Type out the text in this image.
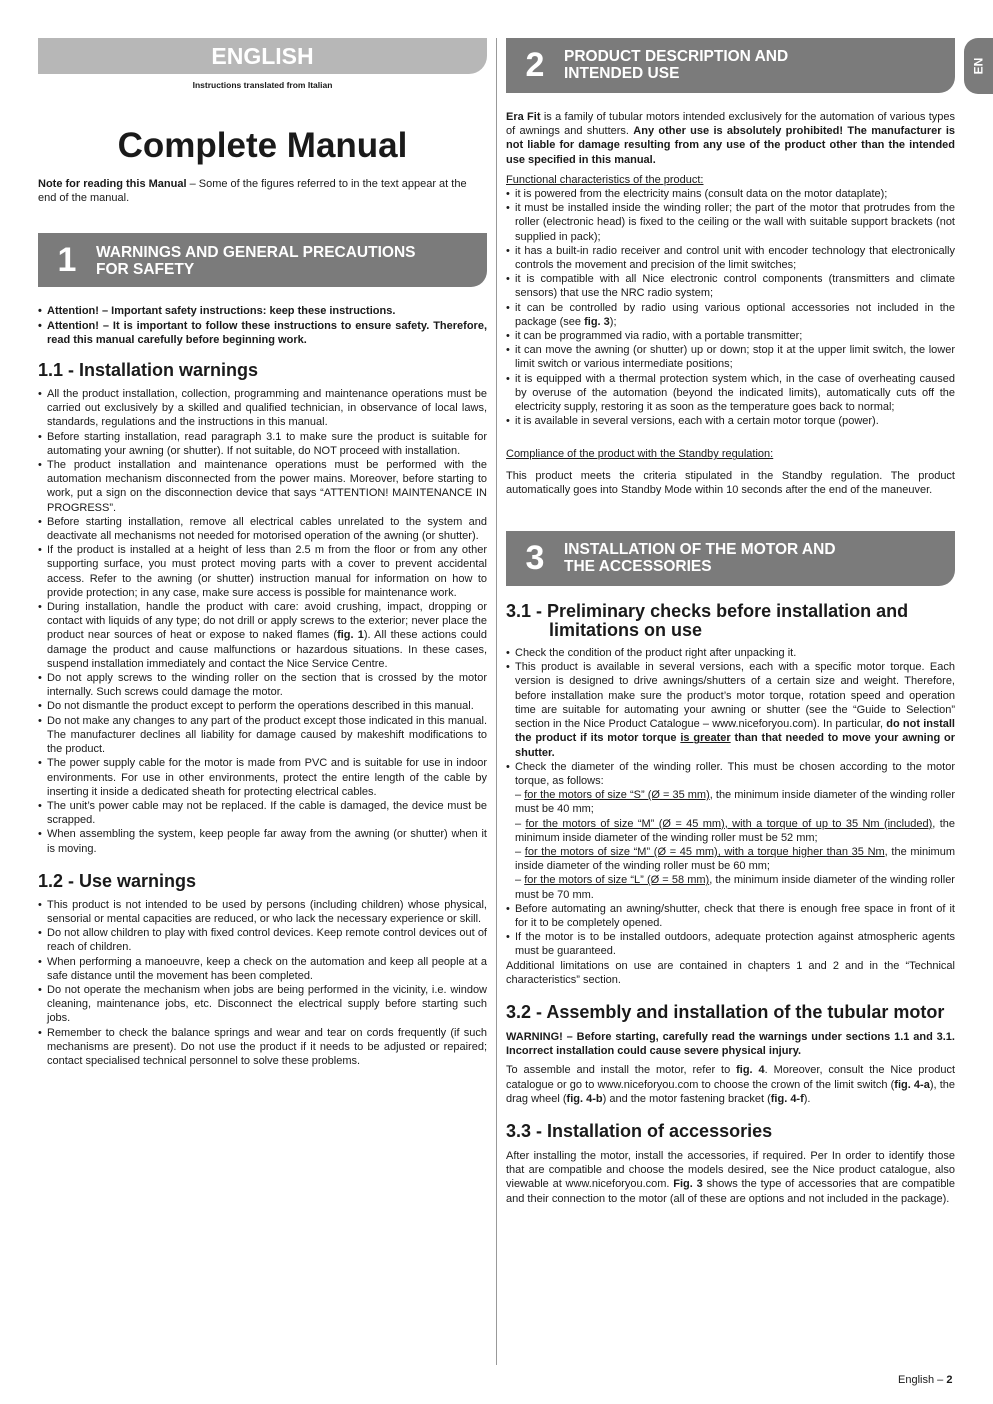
EN
ENGLISH
Instructions translated from Italian
Complete Manual

Note for reading this Manual – Some of the figures referred to in the text appear at the end of the manual.

1	WARNINGS AND GENERAL PRECAUTIONS
FOR SAFETY
• Attention! – Important safety instructions: keep these instructions.
• Attention! – It is important to follow these instructions to ensure safety. Therefore, read this manual carefully before beginning work.
1.1 - Installation warnings
• All the product installation, collection, programming and maintenance operations must be carried out exclusively by a skilled and qualified technician, in observance of local laws, standards, regulations and the instructions in this manual.
• Before starting installation, read paragraph 3.1 to make sure the product is suitable for automating your awning (or shutter). If not suitable, do NOT proceed with installation.
• The product installation and maintenance operations must be performed with the automation mechanism disconnected from the power mains. Moreover, before starting to work, put a sign on the disconnection device that says “ATTENTION! MAINTENANCE IN PROGRESS”.
• Before starting installation, remove all electrical cables unrelated to the system and deactivate all mechanisms not needed for motorised operation of the awning (or shutter).
• If the product is installed at a height of less than 2.5 m from the floor or from any other supporting surface, you must protect moving parts with a cover to prevent accidental access. Refer to the awning (or shutter) instruction manual for information on how to provide protection; in any case, make sure access is possible for maintenance work.
• During installation, handle the product with care: avoid crushing, impact, dropping or contact with liquids of any type; do not drill or apply screws to the exterior; never place the product near sources of heat or expose to naked flames (fig. 1). All these actions could damage the product and cause malfunctions or hazardous situations. In these cases, suspend installation immediately and contact the Nice Service Centre.
• Do not apply screws to the winding roller on the section that is crossed by the motor internally. Such screws could damage the motor.
• Do not dismantle the product except to perform the operations described in this manual.
• Do not make any changes to any part of the product except those indicated in this manual. The manufacturer declines all liability for damage caused by makeshift modifications to the product.
• The power supply cable for the motor is made from PVC and is suitable for use in indoor environments. For use in other environments, protect the entire length of the cable by inserting it inside a dedicated sheath for protecting electrical cables.
• The unit’s power cable may not be replaced. If the cable is damaged, the device must be scrapped.
• When assembling the system, keep people far away from the awning (or shutter) when it is moving.
1.2 - Use warnings
• This product is not intended to be used by persons (including children) whose physical, sensorial or mental capacities are reduced, or who lack the necessary experience or skill.
• Do not allow children to play with fixed control devices. Keep remote control devices out of reach of children.
• When performing a manoeuvre, keep a check on the automation and keep all people at a safe distance until the movement has been completed.
• Do not operate the mechanism when jobs are being performed in the vicinity, i.e. window cleaning, maintenance jobs, etc. Disconnect the electrical supply before starting such jobs.
• Remember to check the balance springs and wear and tear on cords frequently (if such mechanisms are present). Do not use the product if it needs to be adjusted or repaired; contact specialised technical personnel to solve these problems.
2	PRODUCT DESCRIPTION AND
INTENDED USE

Era Fit is a family of tubular motors intended exclusively for the automation of various types of awnings and shutters. Any other use is absolutely prohibited! The manufacturer is not liable for damage resulting from any use of the product other than the intended use specified in this manual.

Functional characteristics of the product:

• it is powered from the electricity mains (consult data on the motor dataplate);
• it must be installed inside the winding roller; the part of the motor that protrudes from the roller (electronic head) is fixed to the ceiling or the wall with suitable support brackets (not supplied in pack);
• it has a built-in radio receiver and control unit with encoder technology that electronically controls the movement and precision of the limit switches;
• it is compatible with all Nice electronic control components (transmitters and climate sensors) that use the NRC radio system;
• it can be controlled by radio using various optional accessories not included in the package (see fig. 3);
• it can be programmed via radio, with a portable transmitter;
• it can move the awning (or shutter) up or down; stop it at the upper limit switch, the lower limit switch or various intermediate positions;
• it is equipped with a thermal protection system which, in the case of overheating caused by overuse of the automation (beyond the indicated limits), automatically cuts off the electricity supply, restoring it as soon as the temperature goes back to normal;
• it is available in several versions, each with a certain motor torque (power).

Compliance of the product with the Standby regulation:

This product meets the criteria stipulated in the Standby regulation. The product automatically goes into Standby Mode within 10 seconds after the end of the maneuver.

3	INSTALLATION OF THE MOTOR AND
THE ACCESSORIES
3.1 - Preliminary checks before installation and
limitations on use
• Check the condition of the product right after unpacking it.
• This product is available in several versions, each with a specific motor torque. Each version is designed to drive awnings/shutters of a certain size and weight. Therefore, before installation make sure the product’s motor torque, rotation speed and operation time are suitable for automating your awning or shutter (see the “Guide to Selection” section in the Nice Product Catalogue – www.niceforyou.com). In particular, do not install the product if its motor torque is greater than that needed to move your awning or shutter.
• Check the diameter of the winding roller. This must be chosen according to the motor torque, as follows:
– for the motors of size “S” (Ø = 35 mm), the minimum inside diameter of the winding roller must be 40 mm;
– for the motors of size “M” (Ø = 45 mm), with a torque of up to 35 Nm (included), the minimum inside diameter of the winding roller must be 52 mm;
– for the motors of size “M” (Ø = 45 mm), with a torque higher than 35 Nm, the minimum inside diameter of the winding roller must be 60 mm;
– for the motors of size “L” (Ø = 58 mm), the minimum inside diameter of the winding roller must be 70 mm.
• Before automating an awning/shutter, check that there is enough free space in front of it for it to be completely opened.
• If the motor is to be installed outdoors, adequate protection against atmospheric agents must be guaranteed.

Additional limitations on use are contained in chapters 1 and 2 and in the “Technical characteristics” section.

3.2 - Assembly and installation of the tubular motor

WARNING! – Before starting, carefully read the warnings under sections 1.1 and 3.1. Incorrect installation could cause severe physical injury.

To assemble and install the motor, refer to fig. 4. Moreover, consult the Nice product catalogue or go to www.niceforyou.com to choose the crown of the limit switch (fig. 4-a), the drag wheel (fig. 4-b) and the motor fastening bracket (fig. 4-f).

3.3 - Installation of accessories

After installing the motor, install the accessories, if required. Per In order to identify those that are compatible and choose the models desired, see the Nice product catalogue, also viewable at www.niceforyou.com. Fig. 3 shows the type of accessories that are compatible and their connection to the motor (all of these are options and not included in the package).

English – 2
